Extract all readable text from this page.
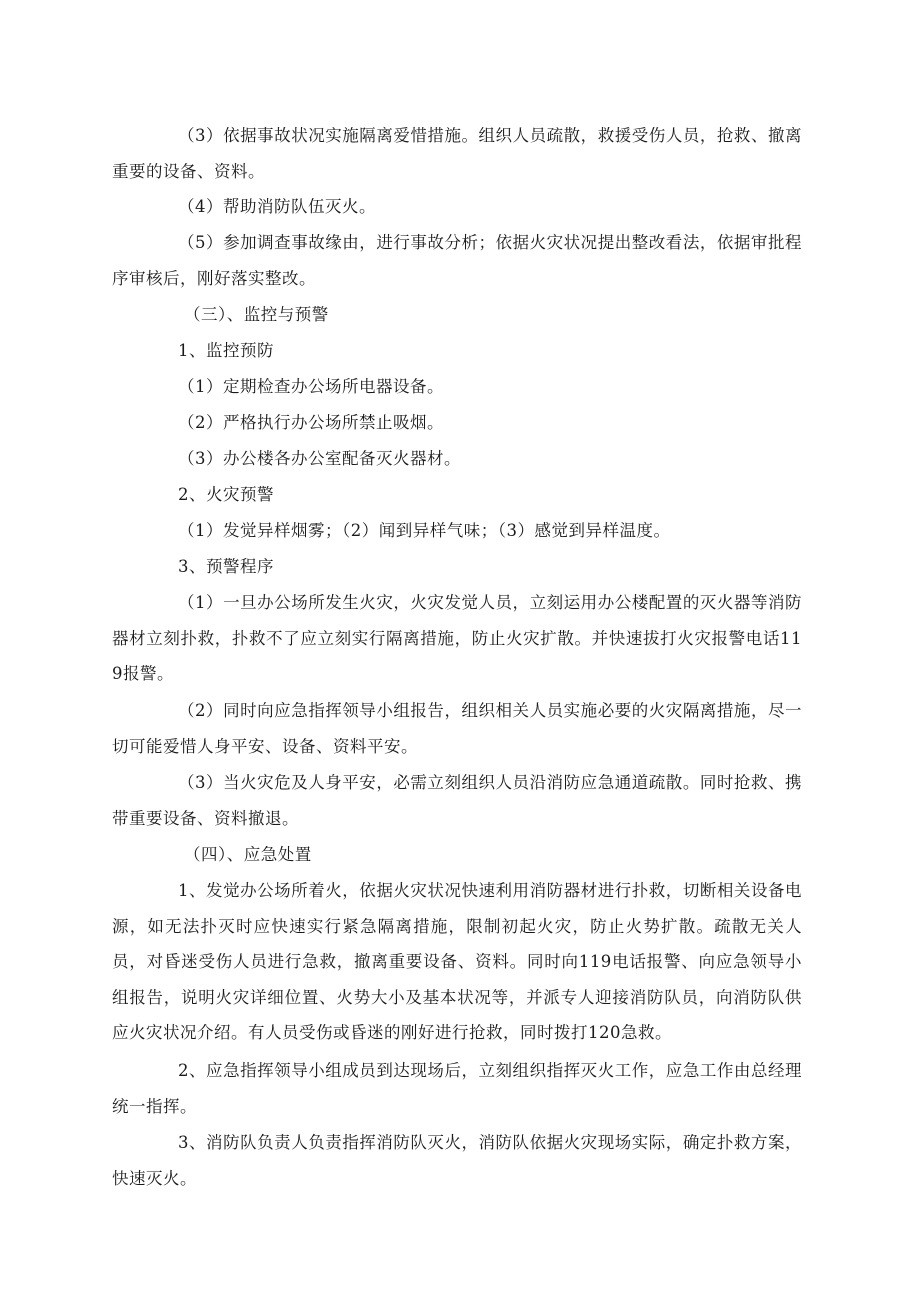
（3）依据事故状况实施隔离爱惜措施。组织人员疏散，救援受伤人员，抢救、撤离重要的设备、资料。

（4）帮助消防队伍灭火。

（5）参加调查事故缘由，进行事故分析；依据火灾状况提出整改看法，依据审批程序审核后，刚好落实整改。

（三）、监控与预警

1、监控预防

（1）定期检查办公场所电器设备。

（2）严格执行办公场所禁止吸烟。

（3）办公楼各办公室配备灭火器材。

2、火灾预警

（1）发觉异样烟雾；（2）闻到异样气味；（3）感觉到异样温度。

3、预警程序

（1）一旦办公场所发生火灾，火灾发觉人员，立刻运用办公楼配置的灭火器等消防器材立刻扑救，扑救不了应立刻实行隔离措施，防止火灾扩散。并快速拔打火灾报警电话119报警。

（2）同时向应急指挥领导小组报告，组织相关人员实施必要的火灾隔离措施，尽一切可能爱惜人身平安、设备、资料平安。

（3）当火灾危及人身平安，必需立刻组织人员沿消防应急通道疏散。同时抢救、携带重要设备、资料撤退。

（四）、应急处置

1、发觉办公场所着火，依据火灾状况快速利用消防器材进行扑救，切断相关设备电源，如无法扑灭时应快速实行紧急隔离措施，限制初起火灾，防止火势扩散。疏散无关人员，对昏迷受伤人员进行急救，撤离重要设备、资料。同时向119电话报警、向应急领导小组报告，说明火灾详细位置、火势大小及基本状况等，并派专人迎接消防队员，向消防队供应火灾状况介绍。有人员受伤或昏迷的刚好进行抢救，同时拨打120急救。

2、应急指挥领导小组成员到达现场后，立刻组织指挥灭火工作，应急工作由总经理统一指挥。

3、消防队负责人负责指挥消防队灭火，消防队依据火灾现场实际，确定扑救方案，快速灭火。
